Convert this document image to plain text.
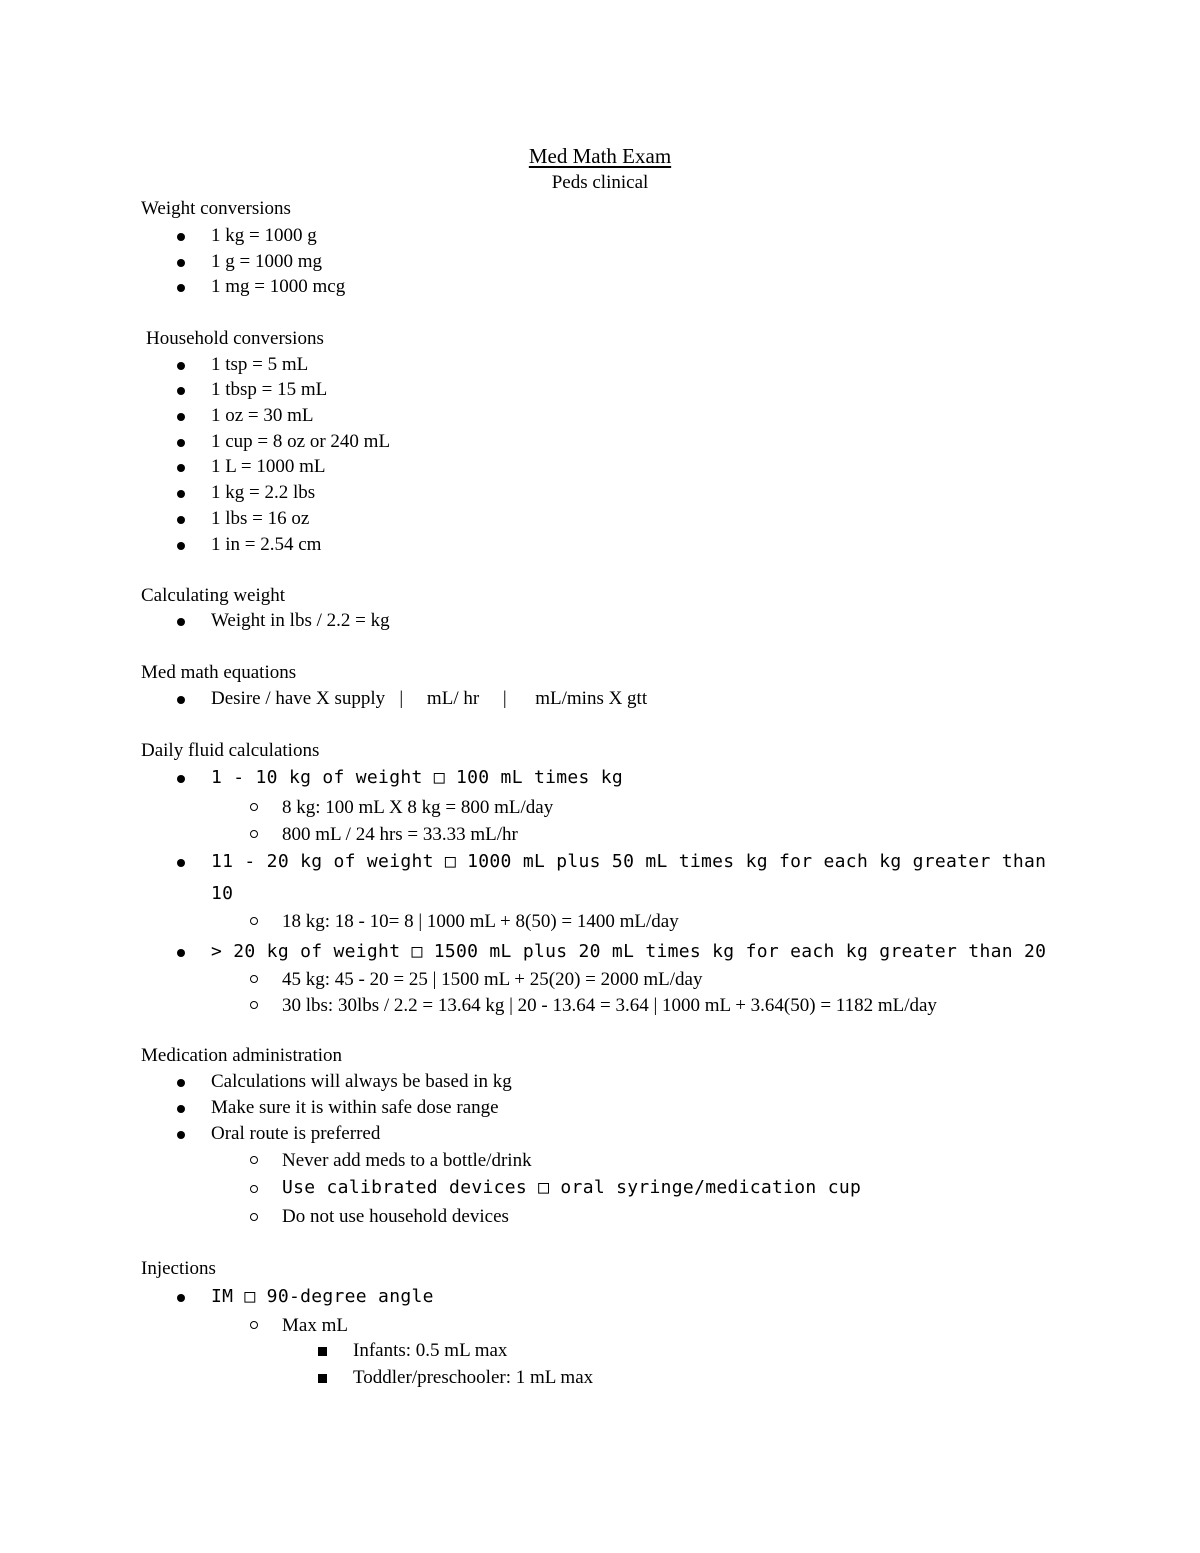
Med Math Exam
Peds clinical
Weight conversions
1 kg = 1000 g
1 g = 1000 mg
1 mg = 1000 mcg
Household conversions
1 tsp = 5 mL
1 tbsp = 15 mL
1 oz = 30 mL
1 cup = 8 oz or 240 mL
1 L = 1000 mL
1 kg = 2.2 lbs
1 lbs = 16 oz
1 in = 2.54 cm
Calculating weight
Weight in lbs / 2.2 = kg
Med math equations
Desire / have X supply   |     mL/ hr     |      mL/mins X gtt
Daily fluid calculations
1 - 10 kg of weight □ 100 mL times kg
8 kg: 100 mL X 8 kg = 800 mL/day
800 mL / 24 hrs = 33.33 mL/hr
11 - 20 kg of weight □ 1000 mL plus 50 mL times kg for each kg greater than
10
18 kg: 18 - 10= 8 | 1000 mL + 8(50) = 1400 mL/day
> 20 kg of weight □ 1500 mL plus 20 mL times kg for each kg greater than 20
45 kg: 45 - 20 = 25 | 1500 mL + 25(20) = 2000 mL/day
30 lbs: 30lbs / 2.2 = 13.64 kg | 20 - 13.64 = 3.64 | 1000 mL + 3.64(50) = 1182 mL/day
Medication administration
Calculations will always be based in kg
Make sure it is within safe dose range
Oral route is preferred
Never add meds to a bottle/drink
Use calibrated devices □ oral syringe/medication cup
Do not use household devices
Injections
IM □ 90-degree angle
Max mL
Infants: 0.5 mL max
Toddler/preschooler: 1 mL max
